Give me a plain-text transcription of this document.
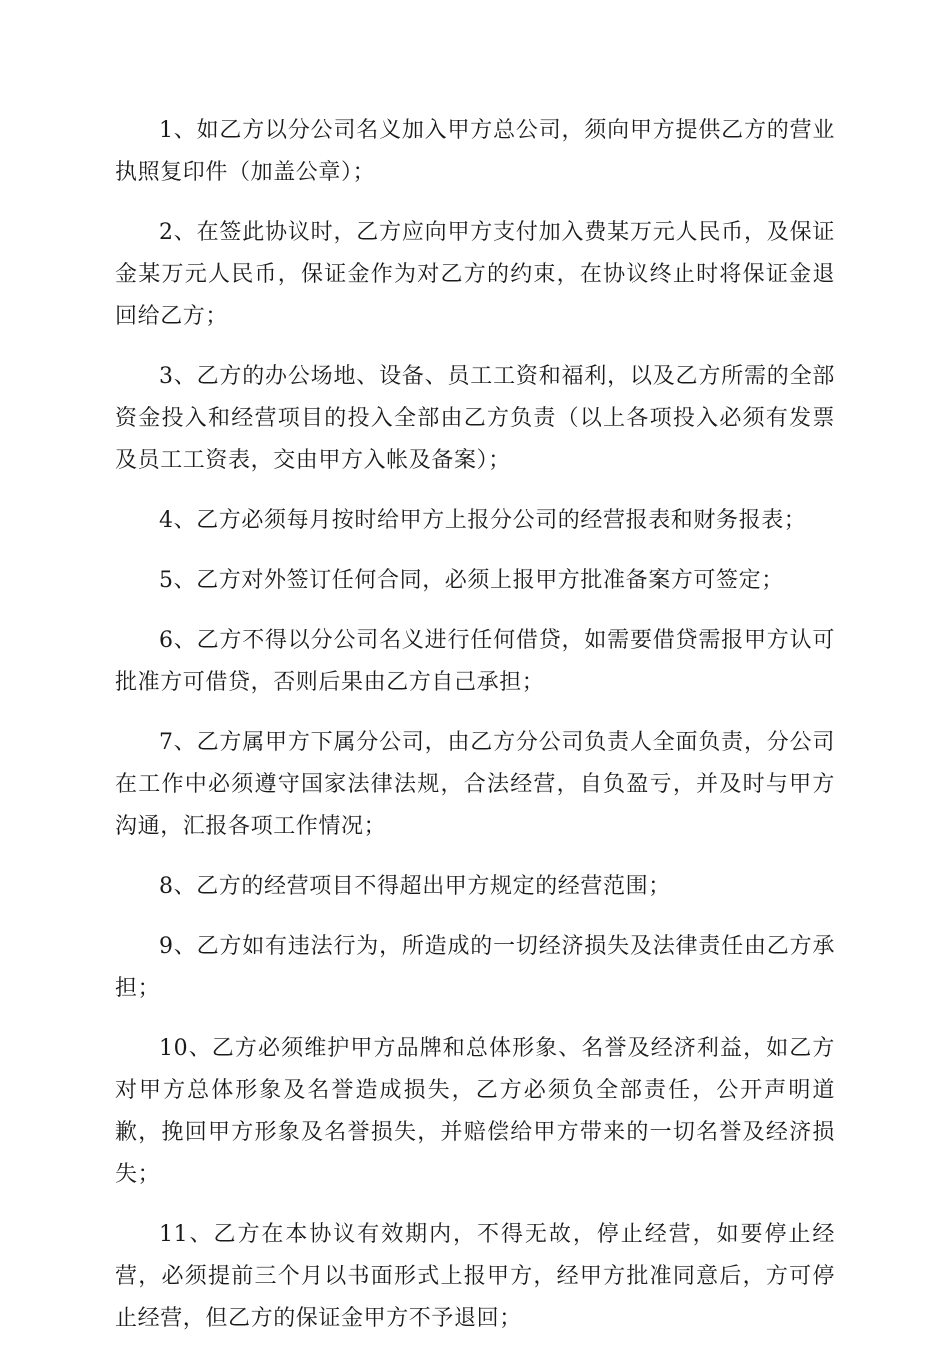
1、如乙方以分公司名义加入甲方总公司，须向甲方提供乙方的营业执照复印件（加盖公章）；

2、在签此协议时，乙方应向甲方支付加入费某万元人民币，及保证金某万元人民币，保证金作为对乙方的约束，在协议终止时将保证金退回给乙方；

3、乙方的办公场地、设备、员工工资和福利，以及乙方所需的全部资金投入和经营项目的投入全部由乙方负责（以上各项投入必须有发票及员工工资表，交由甲方入帐及备案）；

4、乙方必须每月按时给甲方上报分公司的经营报表和财务报表；

5、乙方对外签订任何合同，必须上报甲方批准备案方可签定；

6、乙方不得以分公司名义进行任何借贷，如需要借贷需报甲方认可批准方可借贷，否则后果由乙方自己承担；

7、乙方属甲方下属分公司，由乙方分公司负责人全面负责，分公司在工作中必须遵守国家法律法规，合法经营，自负盈亏，并及时与甲方沟通，汇报各项工作情况；

8、乙方的经营项目不得超出甲方规定的经营范围；

9、乙方如有违法行为，所造成的一切经济损失及法律责任由乙方承担；

10、乙方必须维护甲方品牌和总体形象、名誉及经济利益，如乙方对甲方总体形象及名誉造成损失，乙方必须负全部责任，公开声明道歉，挽回甲方形象及名誉损失，并赔偿给甲方带来的一切名誉及经济损失；

11、乙方在本协议有效期内，不得无故，停止经营，如要停止经营，必须提前三个月以书面形式上报甲方，经甲方批准同意后，方可停止经营，但乙方的保证金甲方不予退回；
